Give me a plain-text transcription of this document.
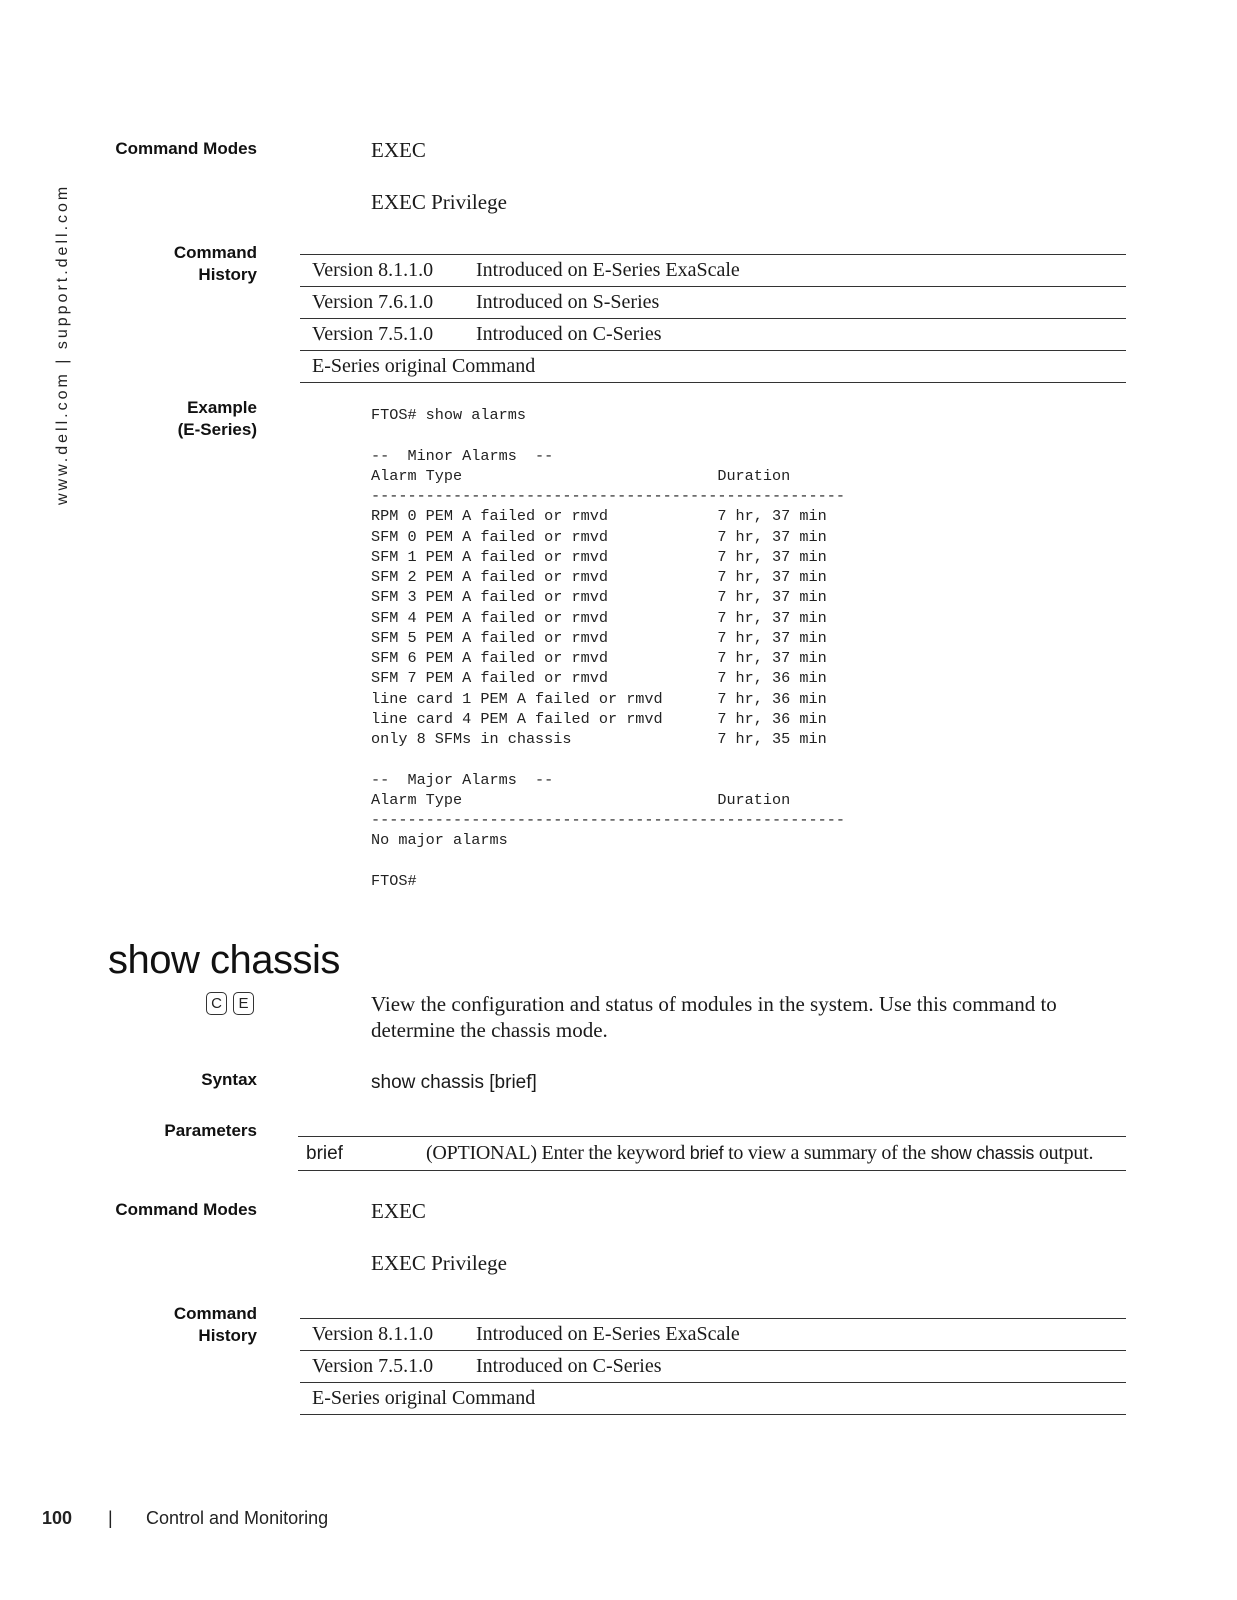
www.dell.com | support.dell.com
Command Modes	EXEC
EXEC Privilege
Command
History	Version 8.1.1.0	Introduced on E-Series ExaScale
Version 7.6.1.0	Introduced on S-Series
Version 7.5.1.0	Introduced on C-Series
E-Series original Command	
Example
(E-Series)
FTOS# show alarms

--  Minor Alarms  --
Alarm Type                            Duration
----------------------------------------------------
RPM 0 PEM A failed or rmvd            7 hr, 37 min
SFM 0 PEM A failed or rmvd            7 hr, 37 min
SFM 1 PEM A failed or rmvd            7 hr, 37 min
SFM 2 PEM A failed or rmvd            7 hr, 37 min
SFM 3 PEM A failed or rmvd            7 hr, 37 min
SFM 4 PEM A failed or rmvd            7 hr, 37 min
SFM 5 PEM A failed or rmvd            7 hr, 37 min
SFM 6 PEM A failed or rmvd            7 hr, 37 min
SFM 7 PEM A failed or rmvd            7 hr, 36 min
line card 1 PEM A failed or rmvd      7 hr, 36 min
line card 4 PEM A failed or rmvd      7 hr, 36 min
only 8 SFMs in chassis                7 hr, 35 min

--  Major Alarms  --
Alarm Type                            Duration
----------------------------------------------------
No major alarms

FTOS#
show chassis
C	E	View the configuration and status of modules in the system. Use this command to determine the chassis mode.
Syntax	show chassis [brief]
Parameters
brief	(OPTIONAL) Enter the keyword brief to view a summary of the show chassis output.
Command Modes	EXEC
EXEC Privilege
Command
History	Version 8.1.1.0	Introduced on E-Series ExaScale
Version 7.5.1.0	Introduced on C-Series
E-Series original Command	
100 | Control and Monitoring
